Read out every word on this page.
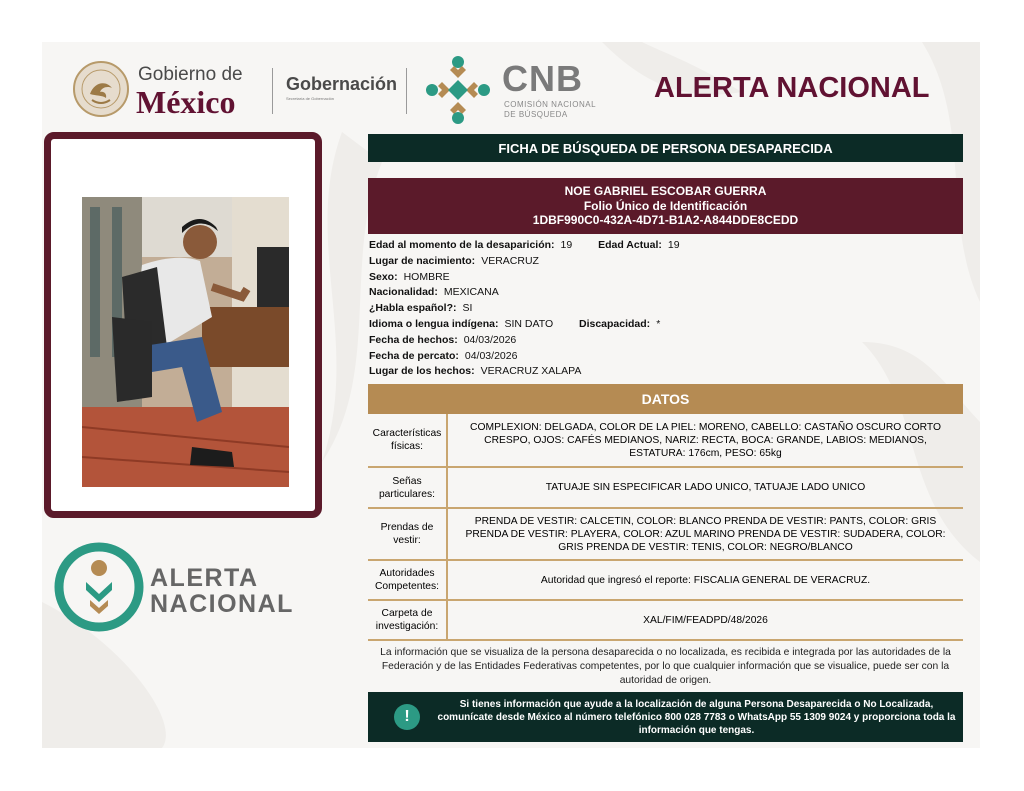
Gobierno de
México	Gobernación
Secretaría de Gobernación	CNB
COMISIÓN NACIONAL
DE BÚSQUEDA
ALERTA NACIONAL
ALERTA
NACIONAL
FICHA DE BÚSQUEDA DE PERSONA DESAPARECIDA
NOE GABRIEL ESCOBAR GUERRA
Folio Único de Identificación
1DBF990C0-432A-4D71-B1A2-A844DDE8CEDD
Edad al momento de la desaparición: 19 Edad Actual: 19
Lugar de nacimiento: VERACRUZ
Sexo: HOMBRE
Nacionalidad: MEXICANA
¿Habla español?: SI
Idioma o lengua indígena: SIN DATO Discapacidad: *
Fecha de hechos: 04/03/2026
Fecha de percato: 04/03/2026
Lugar de los hechos: VERACRUZ XALAPA
DATOS
Características físicas:
COMPLEXION: DELGADA, COLOR DE LA PIEL: MORENO, CABELLO: CASTAÑO OSCURO CORTO CRESPO, OJOS: CAFÉS MEDIANOS, NARIZ: RECTA, BOCA: GRANDE, LABIOS: MEDIANOS, ESTATURA: 176cm, PESO: 65kg
Señas particulares:
TATUAJE SIN ESPECIFICAR LADO UNICO, TATUAJE LADO UNICO
Prendas de vestir:
PRENDA DE VESTIR: CALCETIN, COLOR: BLANCO PRENDA DE VESTIR: PANTS, COLOR: GRIS PRENDA DE VESTIR: PLAYERA, COLOR: AZUL MARINO PRENDA DE VESTIR: SUDADERA, COLOR: GRIS PRENDA DE VESTIR: TENIS, COLOR: NEGRO/BLANCO
Autoridades Competentes:
Autoridad que ingresó el reporte: FISCALIA GENERAL DE VERACRUZ.
Carpeta de investigación:
XAL/FIM/FEADPD/48/2026
La información que se visualiza de la persona desaparecida o no localizada, es recibida e integrada por las autoridades de la Federación y de las Entidades Federativas competentes, por lo que cualquier información que se visualice, puede ser con la autoridad de origen.
!
Si tienes información que ayude a la localización de alguna Persona Desaparecida o No Localizada, comunícate desde México al número telefónico 800 028 7783 o WhatsApp 55 1309 9024 y proporciona toda la información que tengas.
